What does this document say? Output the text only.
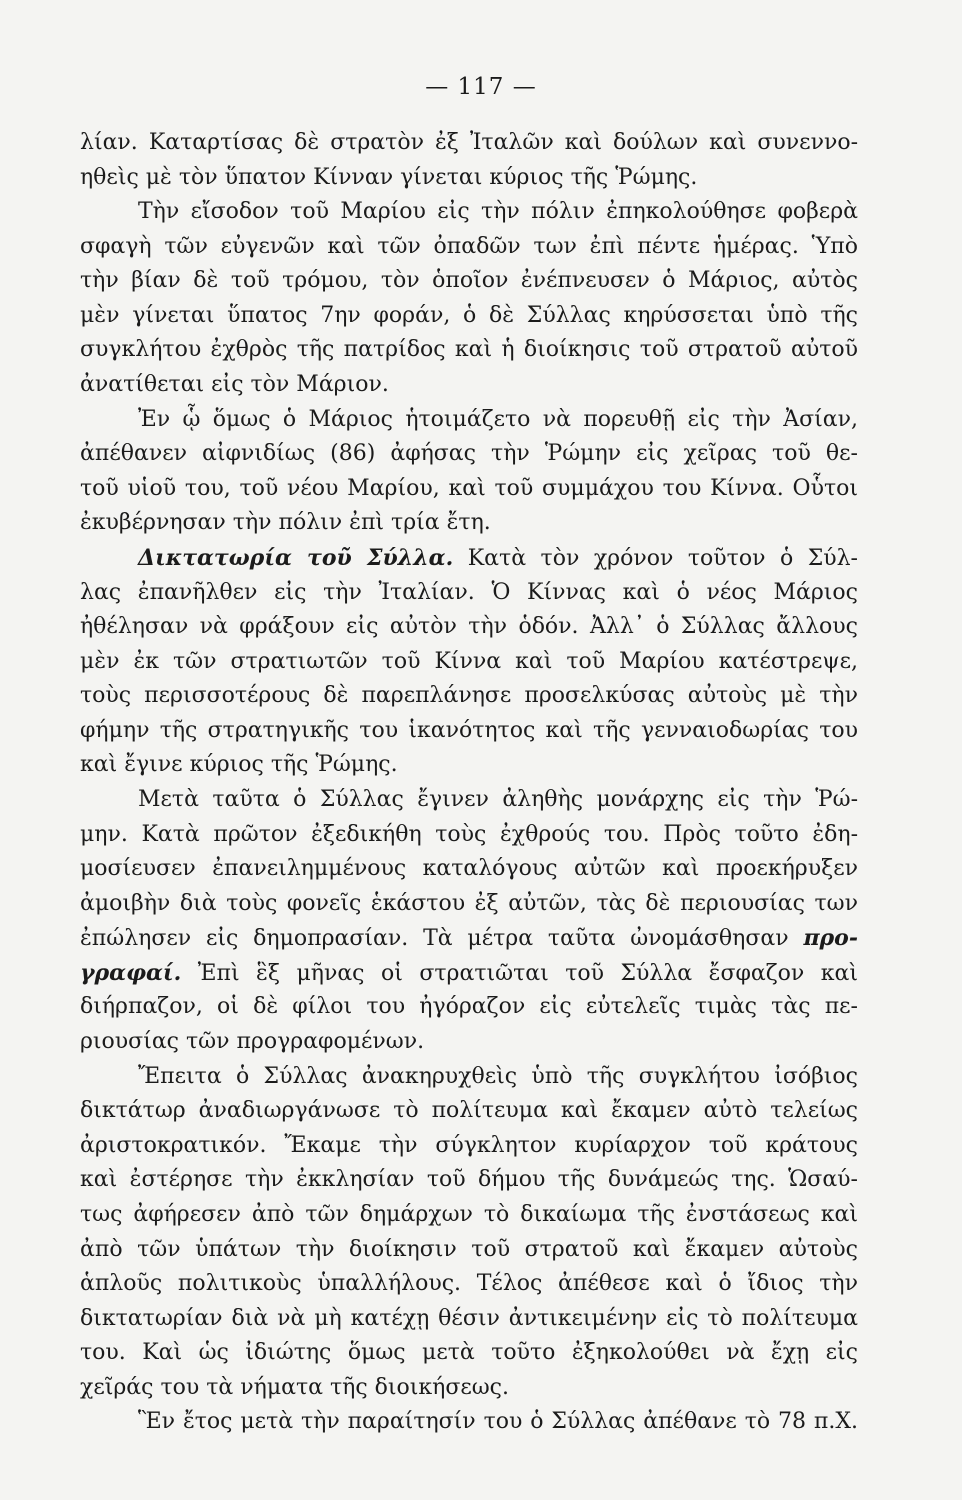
— 117 —
λίαν. Καταρτίσας δὲ στρατὸν ἐξ Ἰταλῶν καὶ δούλων καὶ συνεννο-
ηθεὶς μὲ τὸν ὕπατον Κίνναν γίνεται κύριος τῆς Ῥώμης.
Τὴν εἴσοδον τοῦ Μαρίου εἰς τὴν πόλιν ἐπηκολούθησε φοβερὰ
σφαγὴ τῶν εὐγενῶν καὶ τῶν ὀπαδῶν των ἐπὶ πέντε ἡμέρας. Ὑπὸ
τὴν βίαν δὲ τοῦ τρόμου, τὸν ὁποῖον ἐνέπνευσεν ὁ Μάριος, αὐτὸς
μὲν γίνεται ὕπατος 7ην φοράν, ὁ δὲ Σύλλας κηρύσσεται ὑπὸ τῆς
συγκλήτου ἐχθρὸς τῆς πατρίδος καὶ ἡ διοίκησις τοῦ στρατοῦ αὐτοῦ
ἀνατίθεται εἰς τὸν Μάριον.
Ἐν ᾧ ὅμως ὁ Μάριος ἡτοιμάζετο νὰ πορευθῇ εἰς τὴν Ἀσίαν,
ἀπέθανεν αἰφνιδίως (86) ἀφήσας τὴν Ῥώμην εἰς χεῖρας τοῦ θε-
τοῦ υἱοῦ του, τοῦ νέου Μαρίου, καὶ τοῦ συμμάχου του Κίννα. Οὗτοι
ἐκυβέρνησαν τὴν πόλιν ἐπὶ τρία ἔτη.
Δικτατωρία τοῦ Σύλλα. Κατὰ τὸν χρόνον τοῦτον ὁ Σύλ-
λας ἐπανῆλθεν εἰς τὴν Ἰταλίαν. Ὁ Κίννας καὶ ὁ νέος Μάριος
ἠθέλησαν νὰ φράξουν εἰς αὐτὸν τὴν ὁδόν. Ἀλλ᾽ ὁ Σύλλας ἄλλους
μὲν ἐκ τῶν στρατιωτῶν τοῦ Κίννα καὶ τοῦ Μαρίου κατέστρεψε,
τοὺς περισσοτέρους δὲ παρεπλάνησε προσελκύσας αὐτοὺς μὲ τὴν
φήμην τῆς στρατηγικῆς του ἱκανότητος καὶ τῆς γενναιοδωρίας του
καὶ ἔγινε κύριος τῆς Ῥώμης.
Μετὰ ταῦτα ὁ Σύλλας ἔγινεν ἀληθὴς μονάρχης εἰς τὴν Ῥώ-
μην. Κατὰ πρῶτον ἐξεδικήθη τοὺς ἐχθρούς του. Πρὸς τοῦτο ἐδη-
μοσίευσεν ἐπανειλημμένους καταλόγους αὐτῶν καὶ προεκήρυξεν
ἀμοιβὴν διὰ τοὺς φονεῖς ἑκάστου ἐξ αὐτῶν, τὰς δὲ περιουσίας των
ἐπώλησεν εἰς δημοπρασίαν. Τὰ μέτρα ταῦτα ὠνομάσθησαν προ-
γραφαί. Ἐπὶ ἓξ μῆνας οἱ στρατιῶται τοῦ Σύλλα ἔσφαζον καὶ
διήρπαζον, οἱ δὲ φίλοι του ἠγόραζον εἰς εὐτελεῖς τιμὰς τὰς πε-
ριουσίας τῶν προγραφομένων.
Ἔπειτα ὁ Σύλλας ἀνακηρυχθεὶς ὑπὸ τῆς συγκλήτου ἰσόβιος
δικτάτωρ ἀναδιωργάνωσε τὸ πολίτευμα καὶ ἔκαμεν αὐτὸ τελείως
ἀριστοκρατικόν. Ἔκαμε τὴν σύγκλητον κυρίαρχον τοῦ κράτους
καὶ ἐστέρησε τὴν ἐκκλησίαν τοῦ δήμου τῆς δυνάμεώς της. Ὡσαύ-
τως ἀφήρεσεν ἀπὸ τῶν δημάρχων τὸ δικαίωμα τῆς ἐνστάσεως καὶ
ἀπὸ τῶν ὑπάτων τὴν διοίκησιν τοῦ στρατοῦ καὶ ἔκαμεν αὐτοὺς
ἁπλοῦς πολιτικοὺς ὑπαλλήλους. Τέλος ἀπέθεσε καὶ ὁ ἴδιος τὴν
δικτατωρίαν διὰ νὰ μὴ κατέχῃ θέσιν ἀντικειμένην εἰς τὸ πολίτευμα
του. Καὶ ὡς ἰδιώτης ὅμως μετὰ τοῦτο ἐξηκολούθει νὰ ἔχῃ εἰς
χεῖράς του τὰ νήματα τῆς διοικήσεως.
Ἓν ἔτος μετὰ τὴν παραίτησίν του ὁ Σύλλας ἀπέθανε τὸ 78 π.Χ.
